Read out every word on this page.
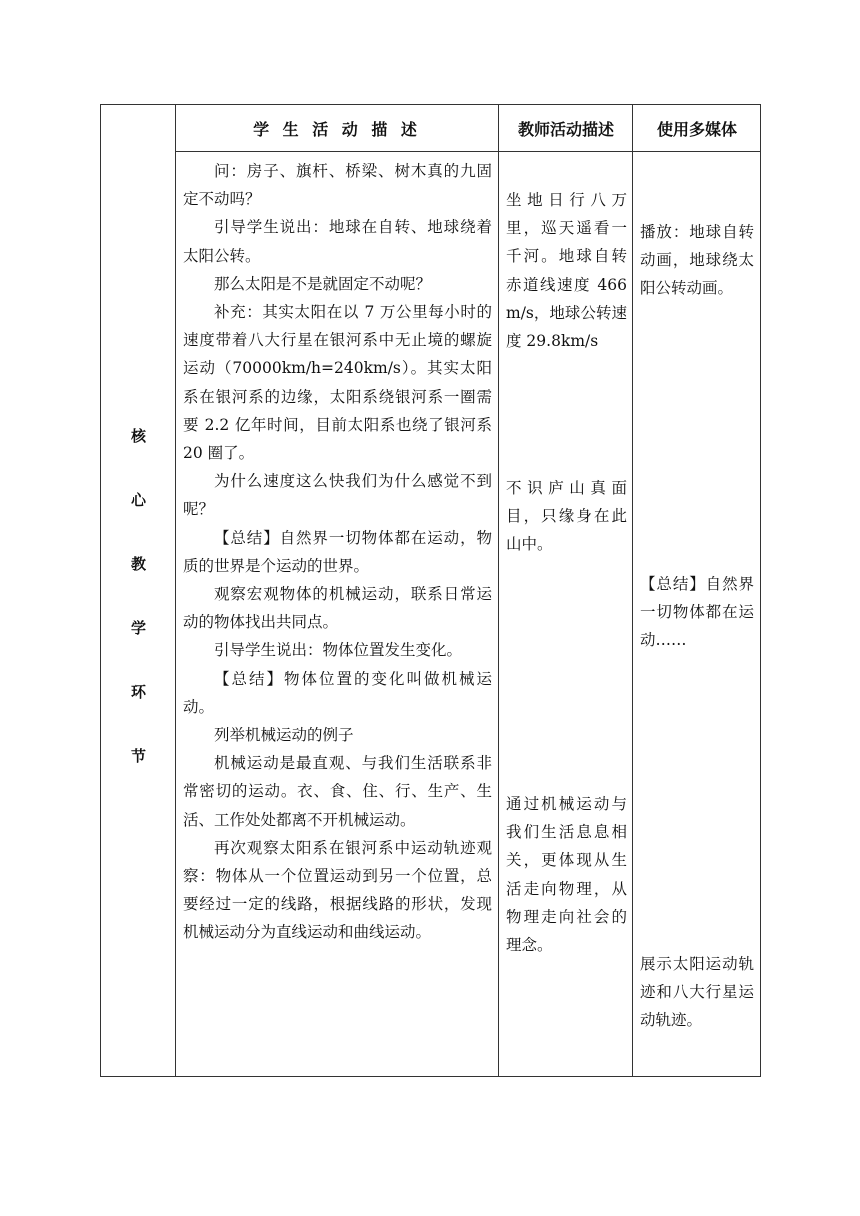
学 生 活 动 描 述	教师活动描述	使用多媒体
核
心
教
学
环
节

问：房子、旗杆、桥梁、树木真的九固定不动吗？

引导学生说出：地球在自转、地球绕着太阳公转。

那么太阳是不是就固定不动呢？

补充：其实太阳在以 7 万公里每小时的速度带着八大行星在银河系中无止境的螺旋运动（70000km/h=240km/s）。其实太阳系在银河系的边缘，太阳系绕银河系一圈需要 2.2 亿年时间，目前太阳系也绕了银河系 20 圈了。

为什么速度这么快我们为什么感觉不到呢？

【总结】自然界一切物体都在运动，物质的世界是个运动的世界。

观察宏观物体的机械运动，联系日常运动的物体找出共同点。

引导学生说出：物体位置发生变化。

【总结】物体位置的变化叫做机械运动。

列举机械运动的例子

机械运动是最直观、与我们生活联系非常密切的运动。衣、食、住、行、生产、生活、工作处处都离不开机械运动。

再次观察太阳系在银河系中运动轨迹观察：物体从一个位置运动到另一个位置，总要经过一定的线路，根据线路的形状，发现机械运动分为直线运动和曲线运动。

坐地日行八万里，巡天遥看一千河。地球自转赤道线速度 466 m/s，地球公转速度 29.8km/s
不识庐山真面目，只缘身在此山中。
通过机械运动与我们生活息息相关，更体现从生活走向物理，从物理走向社会的理念。
播放：地球自转动画，地球绕太阳公转动画。
【总结】自然界一切物体都在运动……
展示太阳运动轨迹和八大行星运动轨迹。
